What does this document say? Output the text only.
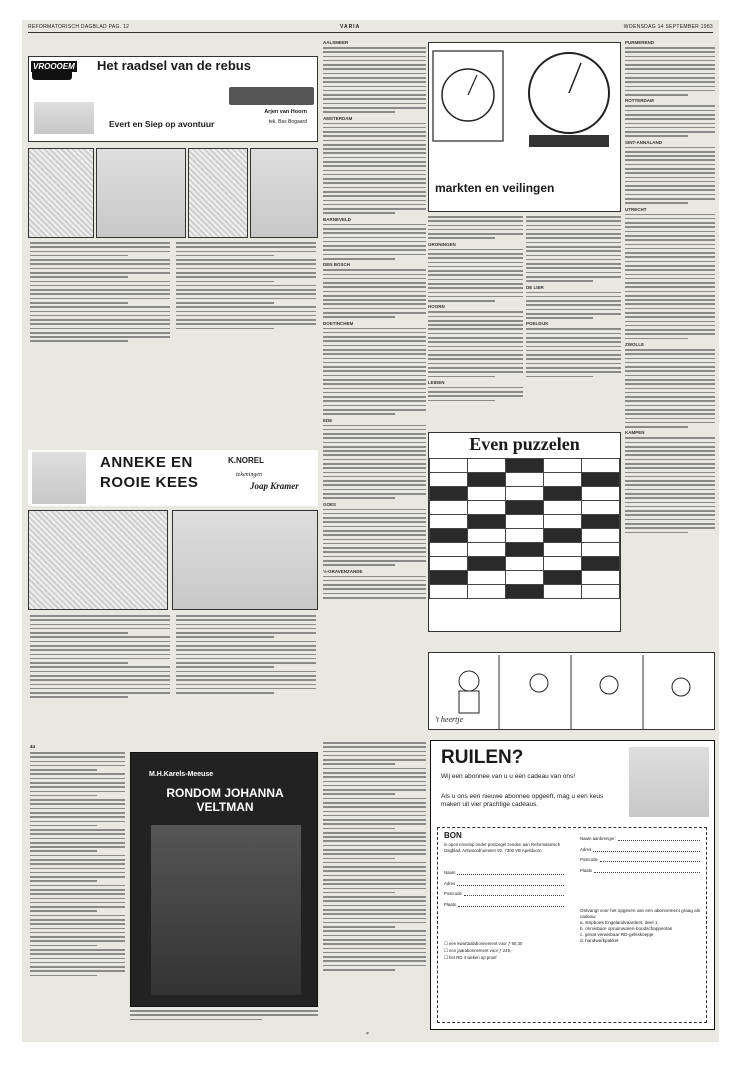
REFORMATORISCH DAGBLAD PAG. 12	VARIA	WOENSDAG 14 SEPTEMBER 1983
VROOOEM	Het raadsel van de rebus
Evert en Siep op avontuur
Arjen van Hoorn
tek. Bas Bogaard
ANNEKE EN
ROOIE KEES
K.NOREL
tekeningen
Joap Kramer
44
M.H.Karels-Meeuse
RONDOM JOHANNA
VELTMAN
AALSMEER
AMSTERDAM
BARNEVELD
DEN BOSCH
DOETINCHEM
EDE
GOES
's-GRAVENZANDE
markten en veilingen
GRONINGEN
HOORN
LEIDEN
DE LIER
POELDIJK
PURMEREND
ROTTERDAM
SINT-ANNALAND
UTRECHT
ZWOLLE
KAMPEN
Even puzzelen

't heertje
RUILEN?
Wij een abonnee van u u een cadeau van ons!
Als u ons een nieuwe abonnee opgeeft, mag u een keus maken uit vier prachtige cadeaus.
BON
in open envelop onder postzegel zenden aan Reformatorisch Dagblad, Antwoordnummer 92, 7300 VB Apeldoorn
Naam
Adres
Postcode
Plaats
☐ een kwartaalabonnement voor ƒ 60,30
☐ een jaarabonnement voor ƒ 249,-
☐ het RD 4 weken op proef
Naam aanbrenger:
Adres
Postcode
Plaats
Ontvangt voor het opgeven van een abonnement graag als cadeau:
a. stripboek Engelandvaarders, deel 1
b. onmisbare opruimwaren-boodschappentas
c. gevat verwisbaar RD-gelsskoepje
d. handwerkpakket
*
